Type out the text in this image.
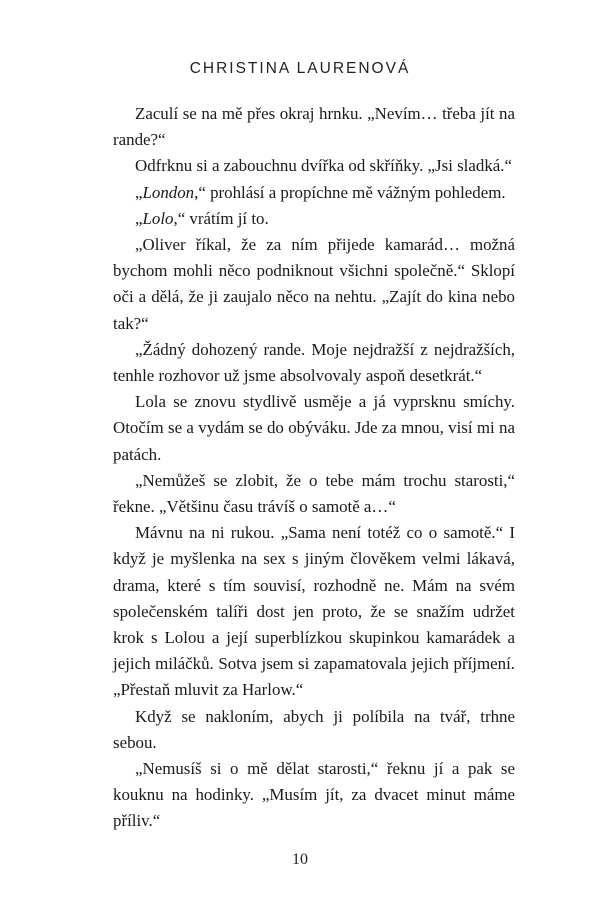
CHRISTINA LAURENOVÁ

Zaculí se na mě přes okraj hrnku. „Nevím… třeba jít na rande?“

Odfrknu si a zabouchnu dvířka od skříňky. „Jsi sladká.“

„London,“ prohlásí a propíchne mě vážným pohledem.

„Lolo,“ vrátím jí to.

„Oliver říkal, že za ním přijede kamarád… možná bychom mohli něco podniknout všichni společně.“ Sklopí oči a dělá, že ji zaujalo něco na nehtu. „Zajít do kina nebo tak?“

„Žádný dohozený rande. Moje nejdražší z nejdražších, tenhle rozhovor už jsme absolvovaly aspoň desetkrát.“

Lola se znovu stydlivě usměje a já vyprsknu smíchy. Otočím se a vydám se do obýváku. Jde za mnou, visí mi na patách.

„Nemůžeš se zlobit, že o tebe mám trochu starosti,“ řekne. „Většinu času trávíš o samotě a…“

Mávnu na ni rukou. „Sama není totéž co o samotě.“ I když je myšlenka na sex s jiným člověkem velmi lákavá, drama, které s tím souvisí, rozhodně ne. Mám na svém společenském talíři dost jen proto, že se snažím udržet krok s Lolou a její superblízkou skupinkou kamarádek a jejich miláčků. Sotva jsem si zapamatovala jejich příjmení. „Přestaň mluvit za Harlow.“

Když se nakloním, abych ji políbila na tvář, trhne sebou.

„Nemusíš si o mě dělat starosti,“ řeknu jí a pak se kouknu na hodinky. „Musím jít, za dvacet minut máme příliv.“

10
